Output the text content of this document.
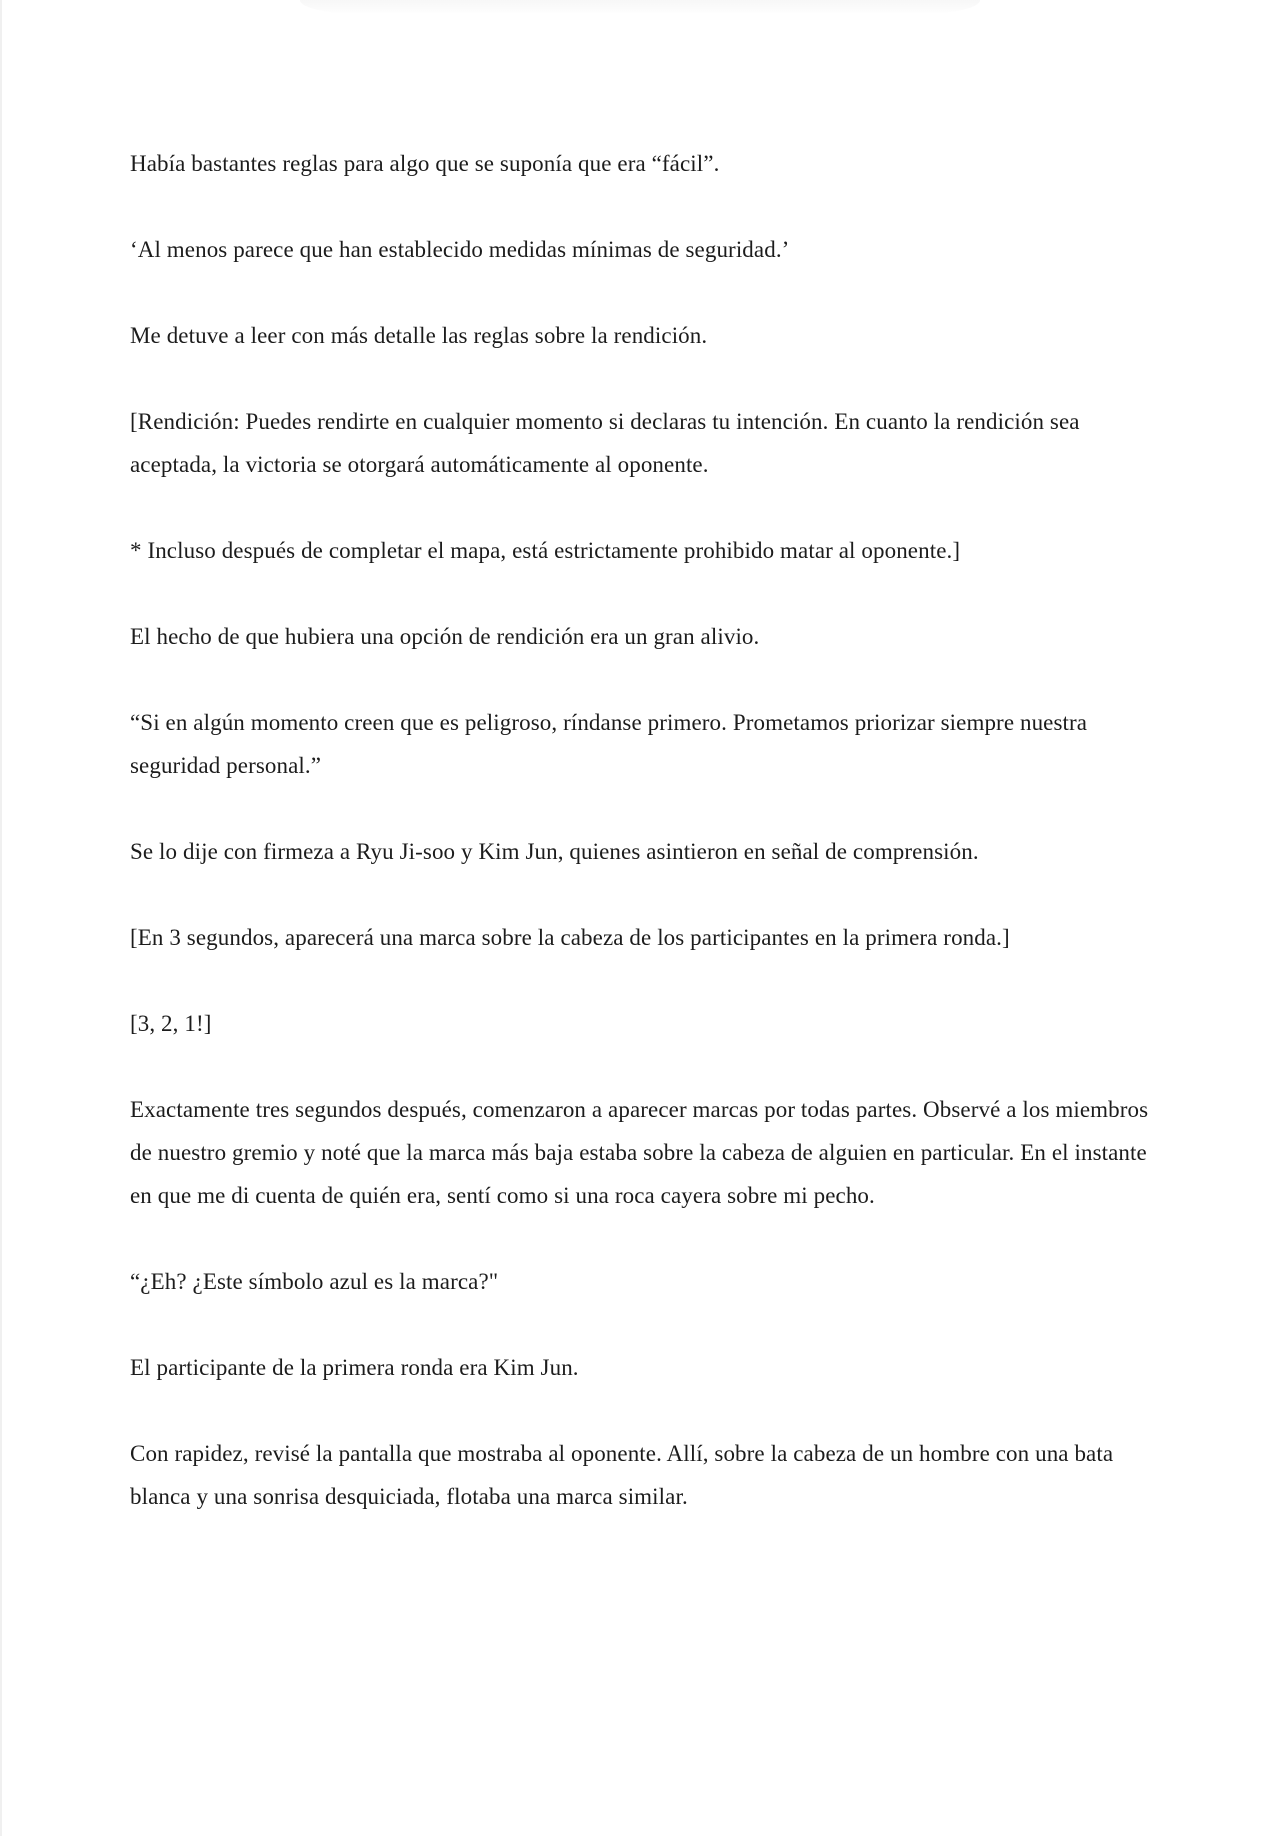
Había bastantes reglas para algo que se suponía que era “fácil”.

‘Al menos parece que han establecido medidas mínimas de seguridad.’

Me detuve a leer con más detalle las reglas sobre la rendición.

[Rendición: Puedes rendirte en cualquier momento si declaras tu intención. En cuanto la rendición sea aceptada, la victoria se otorgará automáticamente al oponente.

* Incluso después de completar el mapa, está estrictamente prohibido matar al oponente.]

El hecho de que hubiera una opción de rendición era un gran alivio.

“Si en algún momento creen que es peligroso, ríndanse primero. Prometamos priorizar siempre nuestra seguridad personal.”

Se lo dije con firmeza a Ryu Ji-soo y Kim Jun, quienes asintieron en señal de comprensión.

[En 3 segundos, aparecerá una marca sobre la cabeza de los participantes en la primera ronda.]

[3, 2, 1!]

Exactamente tres segundos después, comenzaron a aparecer marcas por todas partes. Observé a los miembros de nuestro gremio y noté que la marca más baja estaba sobre la cabeza de alguien en particular. En el instante en que me di cuenta de quién era, sentí como si una roca cayera sobre mi pecho.

“¿Eh? ¿Este símbolo azul es la marca?"

El participante de la primera ronda era Kim Jun.

Con rapidez, revisé la pantalla que mostraba al oponente. Allí, sobre la cabeza de un hombre con una bata blanca y una sonrisa desquiciada, flotaba una marca similar.
